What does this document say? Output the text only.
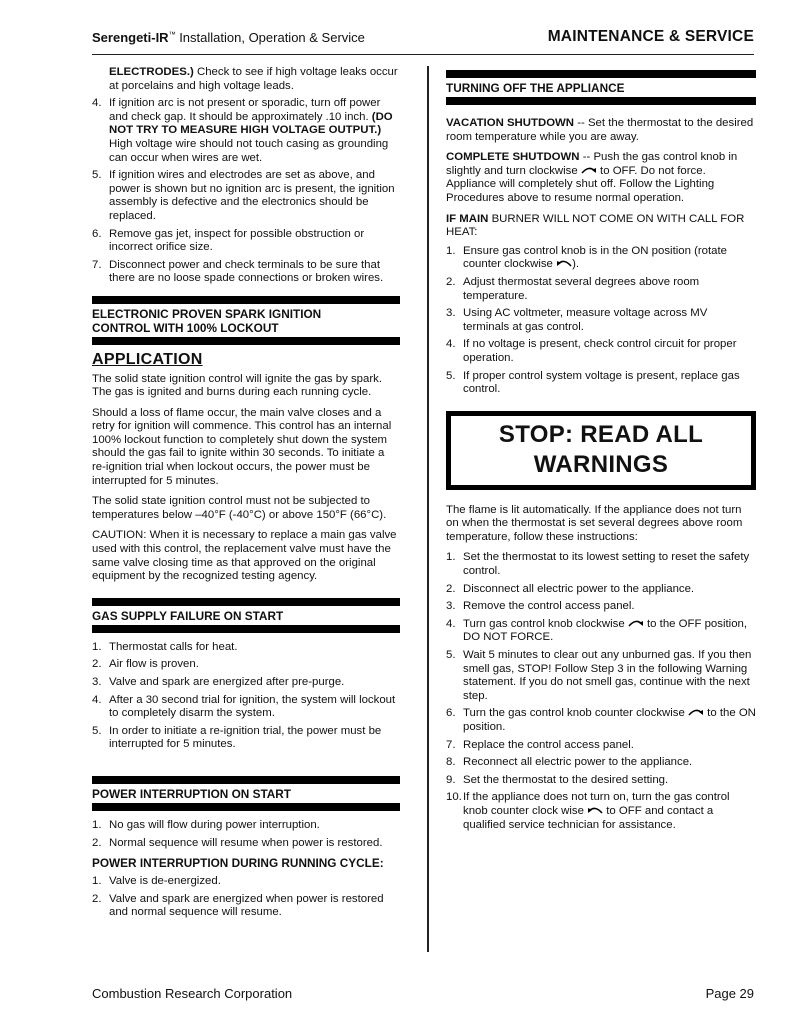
Serengeti-IR™ Installation, Operation & Service	MAINTENANCE & SERVICE

ELECTRODES.) Check to see if high voltage leaks occur at porcelains and high voltage leads.

4. If ignition arc is not present or sporadic, turn off power and check gap. It should be approximately .10 inch. (DO NOT TRY TO MEASURE HIGH VOLTAGE OUTPUT.) High voltage wire should not touch casing as grounding can occur when wires are wet.
5. If ignition wires and electrodes are set as above, and power is shown but no ignition arc is present, the ignition assembly is defective and the electronics should be replaced.
6. Remove gas jet, inspect for possible obstruction or incorrect orifice size.
7. Disconnect power and check terminals to be sure that there are no loose spade connections or broken wires.
ELECTRONIC PROVEN SPARK IGNITION
CONTROL WITH 100% LOCKOUT
APPLICATION

The solid state ignition control will ignite the gas by spark. The gas is ignited and burns during each running cycle.

Should a loss of flame occur, the main valve closes and a retry for ignition will commence. This control has an internal 100% lockout function to completely shut down the system should the gas fail to ignite within 30 seconds. To initiate a re-ignition trial when lockout occurs, the power must be interrupted for 5 minutes.

The solid state ignition control must not be subjected to temperatures below –40°F (-40°C) or above 150°F (66°C).

CAUTION: When it is necessary to replace a main gas valve used with this control, the replacement valve must have the same valve closing time as that approved on the original equipment by the recognized testing agency.

GAS SUPPLY FAILURE ON START
1. Thermostat calls for heat.
2. Air flow is proven.
3. Valve and spark are energized after pre-purge.
4. After a 30 second trial for ignition, the system will lockout to completely disarm the system.
5. In order to initiate a re-ignition trial, the power must be interrupted for 5 minutes.
POWER INTERRUPTION ON START
1. No gas will flow during power interruption.
2. Normal sequence will resume when power is restored.
POWER INTERRUPTION DURING RUNNING CYCLE:
1. Valve is de-energized.
2. Valve and spark are energized when power is restored and normal sequence will resume.
TURNING OFF THE APPLIANCE

VACATION SHUTDOWN -- Set the thermostat to the desired room temperature while you are away.

COMPLETE SHUTDOWN -- Push the gas control knob in slightly and turn clockwise  to OFF. Do not force. Appliance will completely shut off. Follow the Lighting Procedures above to resume normal operation.

IF MAIN BURNER WILL NOT COME ON WITH CALL FOR HEAT:

1. Ensure gas control knob is in the ON position (rotate counter clockwise ).
2. Adjust thermostat several degrees above room temperature.
3. Using AC voltmeter, measure voltage across MV terminals at gas control.
4. If no voltage is present, check control circuit for proper operation.
5. If proper control system voltage is present, replace gas control.
STOP: READ ALL
WARNINGS

The flame is lit automatically. If the appliance does not turn on when the thermostat is set several degrees above room temperature, follow these instructions:

1. Set the thermostat to its lowest setting to reset the safety control.
2. Disconnect all electric power to the appliance.
3. Remove the control access panel.
4. Turn gas control knob clockwise  to the OFF position, DO NOT FORCE.
5. Wait 5 minutes to clear out any unburned gas. If you then smell gas, STOP! Follow Step 3 in the following Warning statement. If you do not smell gas, continue with the next step.
6. Turn the gas control knob counter clockwise  to the ON position.
7. Replace the control access panel.
8. Reconnect all electric power to the appliance.
9. Set the thermostat to the desired setting.
10. If the appliance does not turn on, turn the gas control knob counter clock wise  to OFF and contact a qualified service technician for assistance.
Combustion Research Corporation	Page 29
